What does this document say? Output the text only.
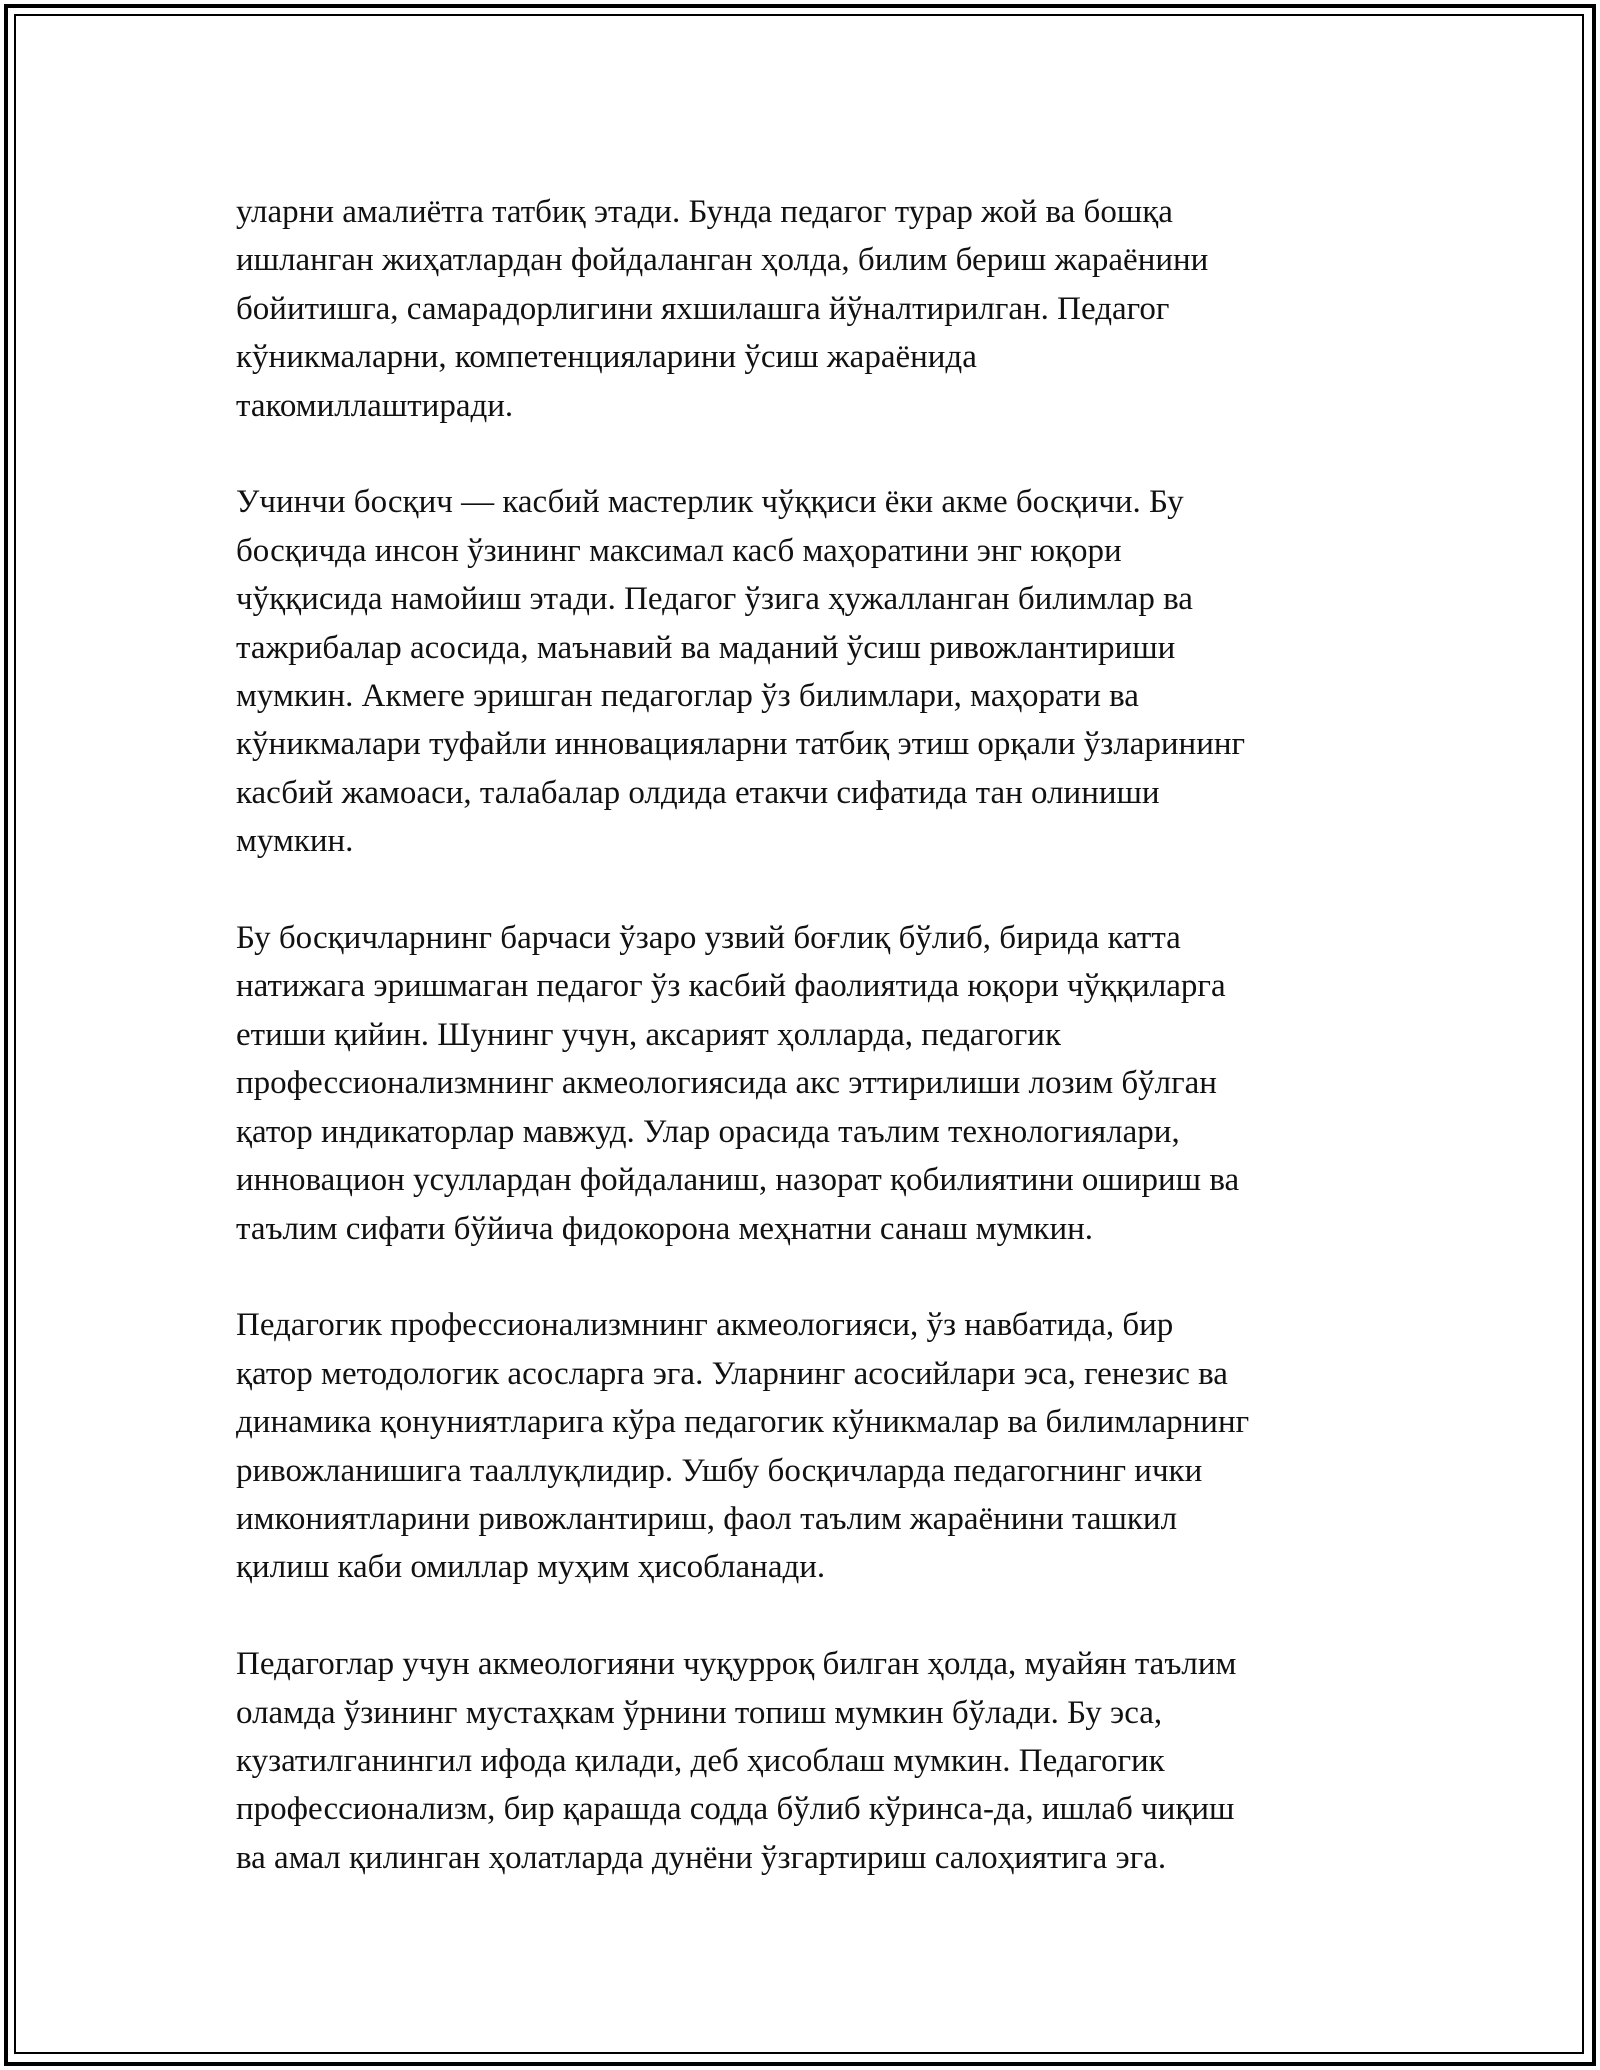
уларни амалиётга татбиқ этади. Бунда педагог турар жой ва бошқа
ишланган жиҳатлардан фойдаланган ҳолда, билим бериш жараёнини
бойитишга, самарадорлигини яхшилашга йўналтирилган. Педагог
кўникмаларни, компетенцияларини ўсиш жараёнида
такомиллаштиради.

Учинчи босқич — касбий мастерлик чўққиси ёки акме босқичи. Бу
босқичда инсон ўзининг максимал касб маҳоратини энг юқори
чўққисида намойиш этади. Педагог ўзига ҳужалланган билимлар ва
тажрибалар асосида, маънавий ва маданий ўсиш ривожлантириши
мумкин. Акмеге эришган педагоглар ўз билимлари, маҳорати ва
кўникмалари туфайли инновацияларни татбиқ этиш орқали ўзларининг
касбий жамоаси, талабалар олдида етакчи сифатида тан олиниши
мумкин.

Бу босқичларнинг барчаси ўзаро узвий боғлиқ бўлиб, бирида катта
натижага эришмаган педагог ўз касбий фаолиятида юқори чўққиларга
етиши қийин. Шунинг учун, аксарият ҳолларда, педагогик
профессионализмнинг акмеологиясида акс эттирилиши лозим бўлган
қатор индикаторлар мавжуд. Улар орасида таълим технологиялари,
инновацион усуллардан фойдаланиш, назорат қобилиятини ошириш ва
таълим сифати бўйича фидокорона меҳнатни санаш мумкин.

Педагогик профессионализмнинг акмеологияси, ўз навбатида, бир
қатор методологик асосларга эга. Уларнинг асосийлари эса, генезис ва
динамика қонуниятларига кўра педагогик кўникмалар ва билимларнинг
ривожланишига тааллуқлидир. Ушбу босқичларда педагогнинг ички
имкониятларини ривожлантириш, фаол таълим жараёнини ташкил
қилиш каби омиллар муҳим ҳисобланади.

Педагоглар учун акмеологияни чуқурроқ билган ҳолда, муайян таълим
оламда ўзининг мустаҳкам ўрнини топиш мумкин бўлади. Бу эса,
кузатилганингил ифода қилади, деб ҳисоблаш мумкин. Педагогик
профессионализм, бир қарашда содда бўлиб кўринса-да, ишлаб чиқиш
ва амал қилинган ҳолатларда дунёни ўзгартириш салоҳиятига эга.
